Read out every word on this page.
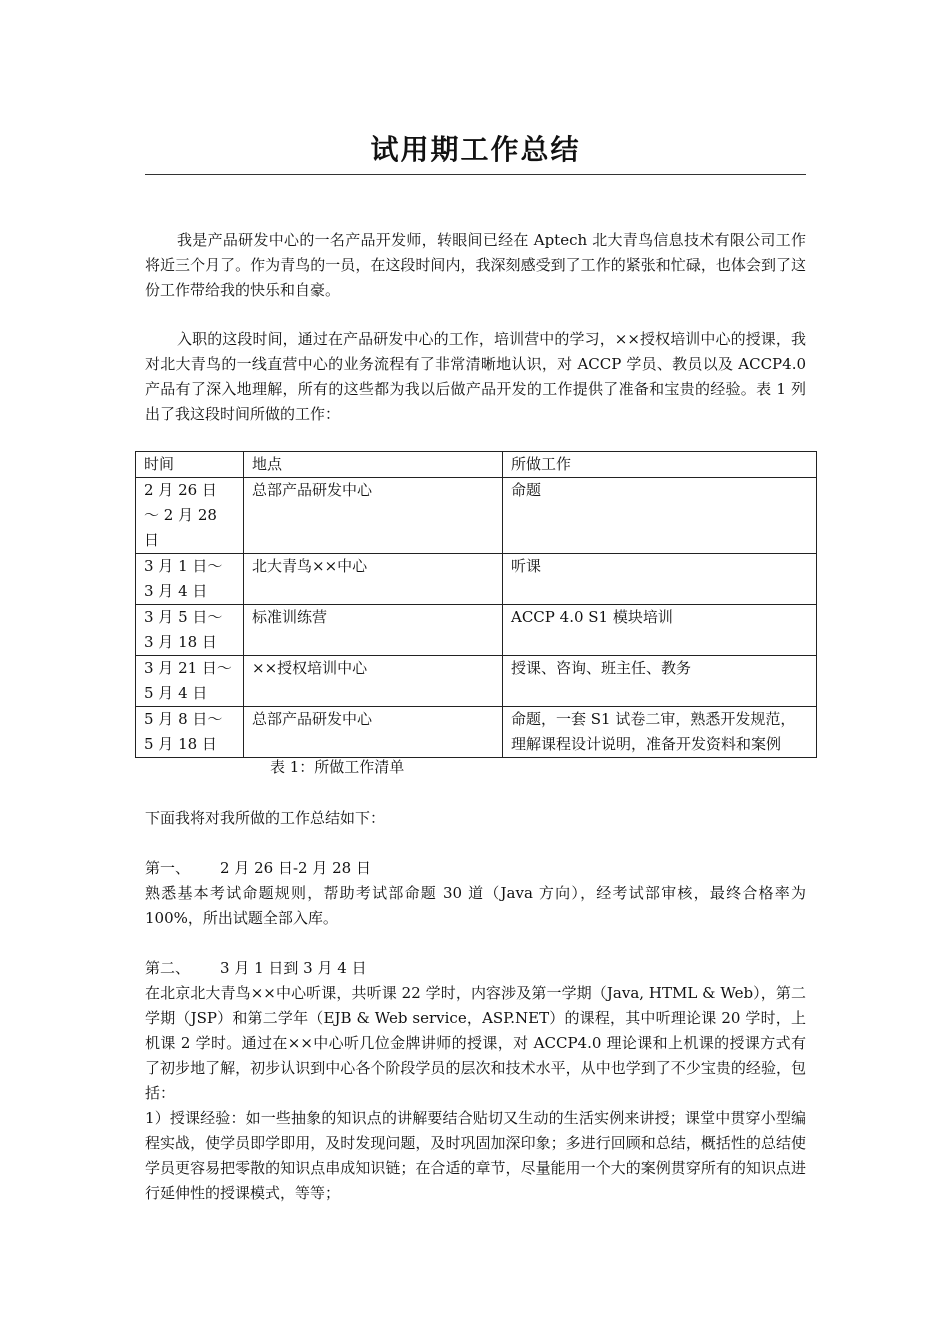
试用期工作总结

我是产品研发中心的一名产品开发师，转眼间已经在 Aptech 北大青鸟信息技术有限公司工作将近三个月了。作为青鸟的一员，在这段时间内，我深刻感受到了工作的紧张和忙碌，也体会到了这份工作带给我的快乐和自豪。

入职的这段时间，通过在产品研发中心的工作，培训营中的学习，××授权培训中心的授课，我对北大青鸟的一线直营中心的业务流程有了非常清晰地认识，对 ACCP 学员、教员以及 ACCP4.0 产品有了深入地理解，所有的这些都为我以后做产品开发的工作提供了准备和宝贵的经验。表 1 列出了我这段时间所做的工作：

时间	地点	所做工作
2 月 26 日 ～ 2 月 28 日	总部产品研发中心	命题
3 月 1 日～ 3 月 4 日	北大青鸟××中心	听课
3 月 5 日～ 3 月 18 日	标准训练营	ACCP 4.0 S1 模块培训
3 月 21 日～ 5 月 4 日	××授权培训中心	授课、咨询、班主任、教务
5 月 8 日～ 5 月 18 日	总部产品研发中心	命题，一套 S1 试卷二审，熟悉开发规范，理解课程设计说明，准备开发资料和案例

表 1：所做工作清单

下面我将对我所做的工作总结如下：

第一、 2 月 26 日-2 月 28 日
熟悉基本考试命题规则，帮助考试部命题 30 道（Java 方向），经考试部审核，最终合格率为 100%，所出试题全部入库。
第二、 3 月 1 日到 3 月 4 日
在北京北大青鸟××中心听课，共听课 22 学时，内容涉及第一学期（Java, HTML & Web），第二学期（JSP）和第二学年（EJB & Web service，ASP.NET）的课程，其中听理论课 20 学时，上机课 2 学时。通过在××中心听几位金牌讲师的授课，对 ACCP4.0 理论课和上机课的授课方式有了初步地了解，初步认识到中心各个阶段学员的层次和技术水平，从中也学到了不少宝贵的经验，包括：
1）授课经验：如一些抽象的知识点的讲解要结合贴切又生动的生活实例来讲授；课堂中贯穿小型编程实战，使学员即学即用，及时发现问题，及时巩固加深印象；多进行回顾和总结，概括性的总结使学员更容易把零散的知识点串成知识链；在合适的章节，尽量能用一个大的案例贯穿所有的知识点进行延伸性的授课模式，等等；
